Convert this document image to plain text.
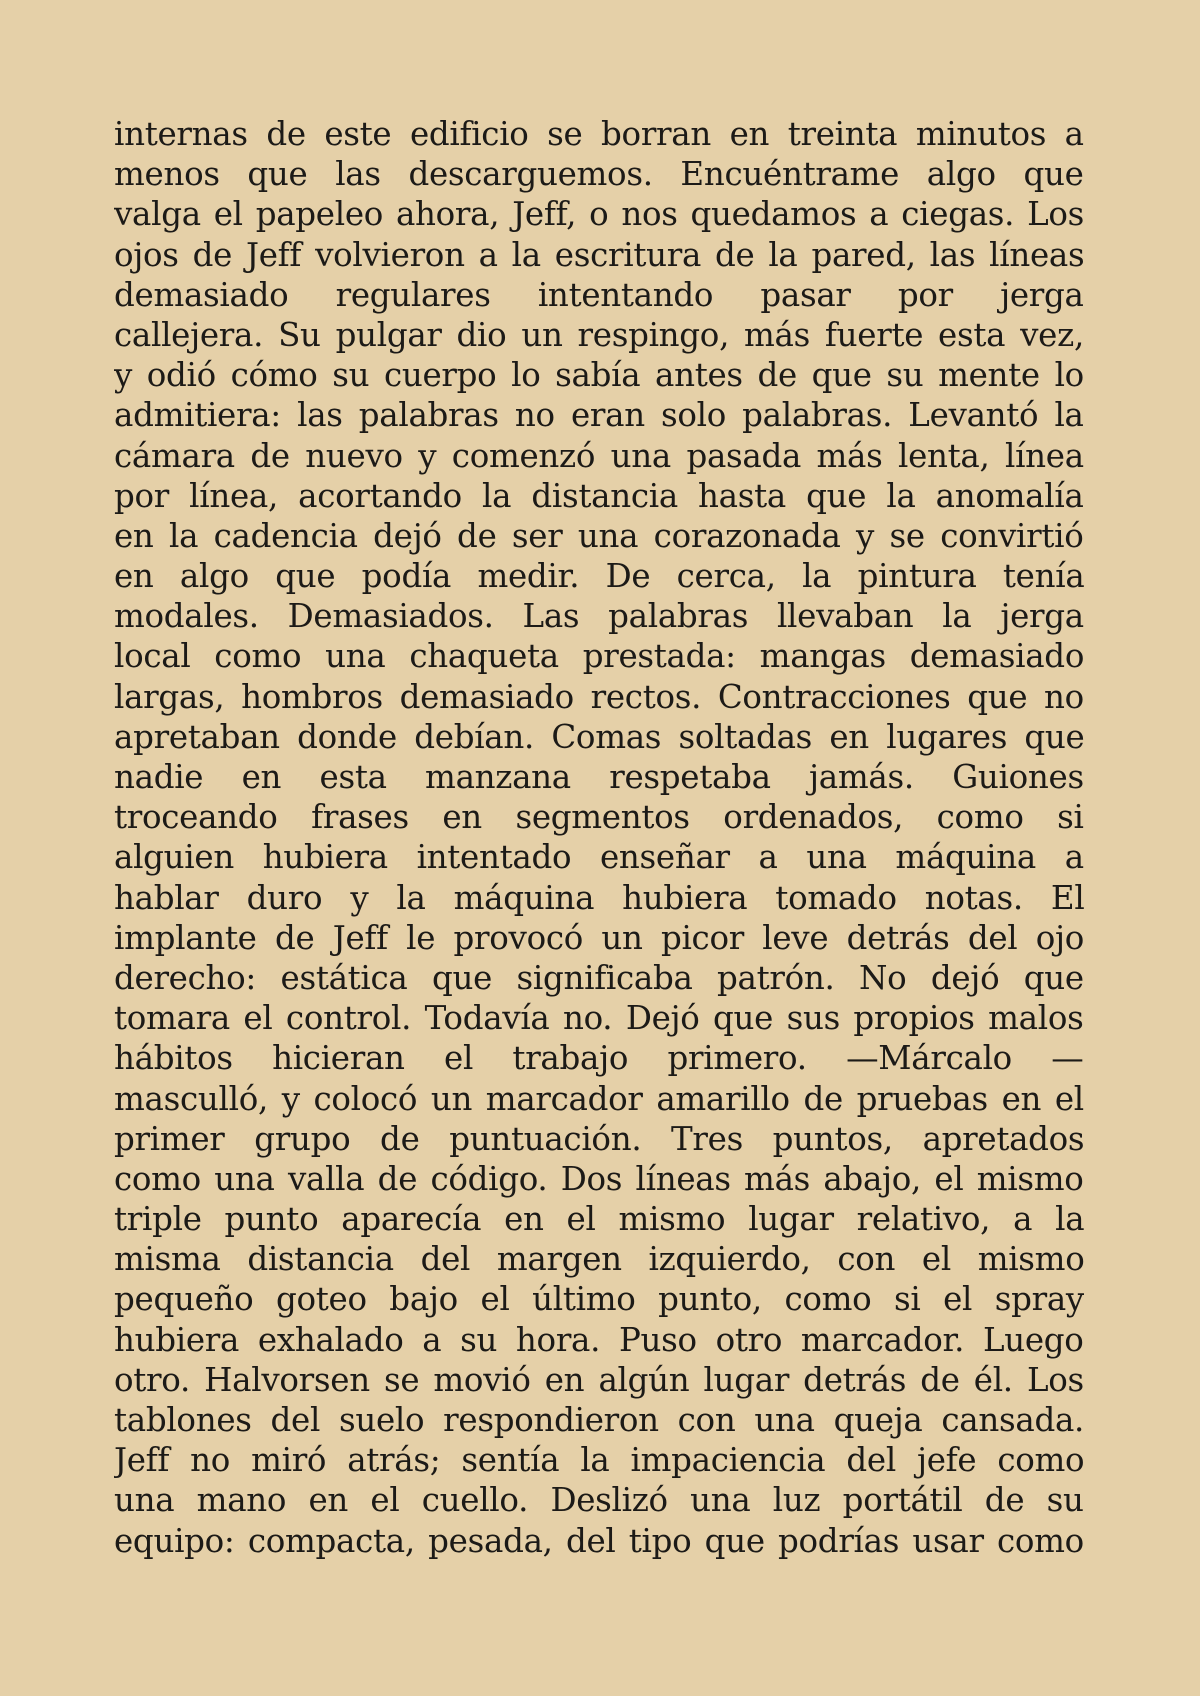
internas de este edificio se borran en treinta minutos a
menos que las descarguemos. Encuéntrame algo que
valga el papeleo ahora, Jeff, o nos quedamos a ciegas. Los
ojos de Jeff volvieron a la escritura de la pared, las líneas
demasiado regulares intentando pasar por jerga
callejera. Su pulgar dio un respingo, más fuerte esta vez,
y odió cómo su cuerpo lo sabía antes de que su mente lo
admitiera: las palabras no eran solo palabras. Levantó la
cámara de nuevo y comenzó una pasada más lenta, línea
por línea, acortando la distancia hasta que la anomalía
en la cadencia dejó de ser una corazonada y se convirtió
en algo que podía medir. De cerca, la pintura tenía
modales. Demasiados. Las palabras llevaban la jerga
local como una chaqueta prestada: mangas demasiado
largas, hombros demasiado rectos. Contracciones que no
apretaban donde debían. Comas soltadas en lugares que
nadie en esta manzana respetaba jamás. Guiones
troceando frases en segmentos ordenados, como si
alguien hubiera intentado enseñar a una máquina a
hablar duro y la máquina hubiera tomado notas. El
implante de Jeff le provocó un picor leve detrás del ojo
derecho: estática que significaba patrón. No dejó que
tomara el control. Todavía no. Dejó que sus propios malos
hábitos hicieran el trabajo primero. —Márcalo —
masculló, y colocó un marcador amarillo de pruebas en el
primer grupo de puntuación. Tres puntos, apretados
como una valla de código. Dos líneas más abajo, el mismo
triple punto aparecía en el mismo lugar relativo, a la
misma distancia del margen izquierdo, con el mismo
pequeño goteo bajo el último punto, como si el spray
hubiera exhalado a su hora. Puso otro marcador. Luego
otro. Halvorsen se movió en algún lugar detrás de él. Los
tablones del suelo respondieron con una queja cansada.
Jeff no miró atrás; sentía la impaciencia del jefe como
una mano en el cuello. Deslizó una luz portátil de su
equipo: compacta, pesada, del tipo que podrías usar como
